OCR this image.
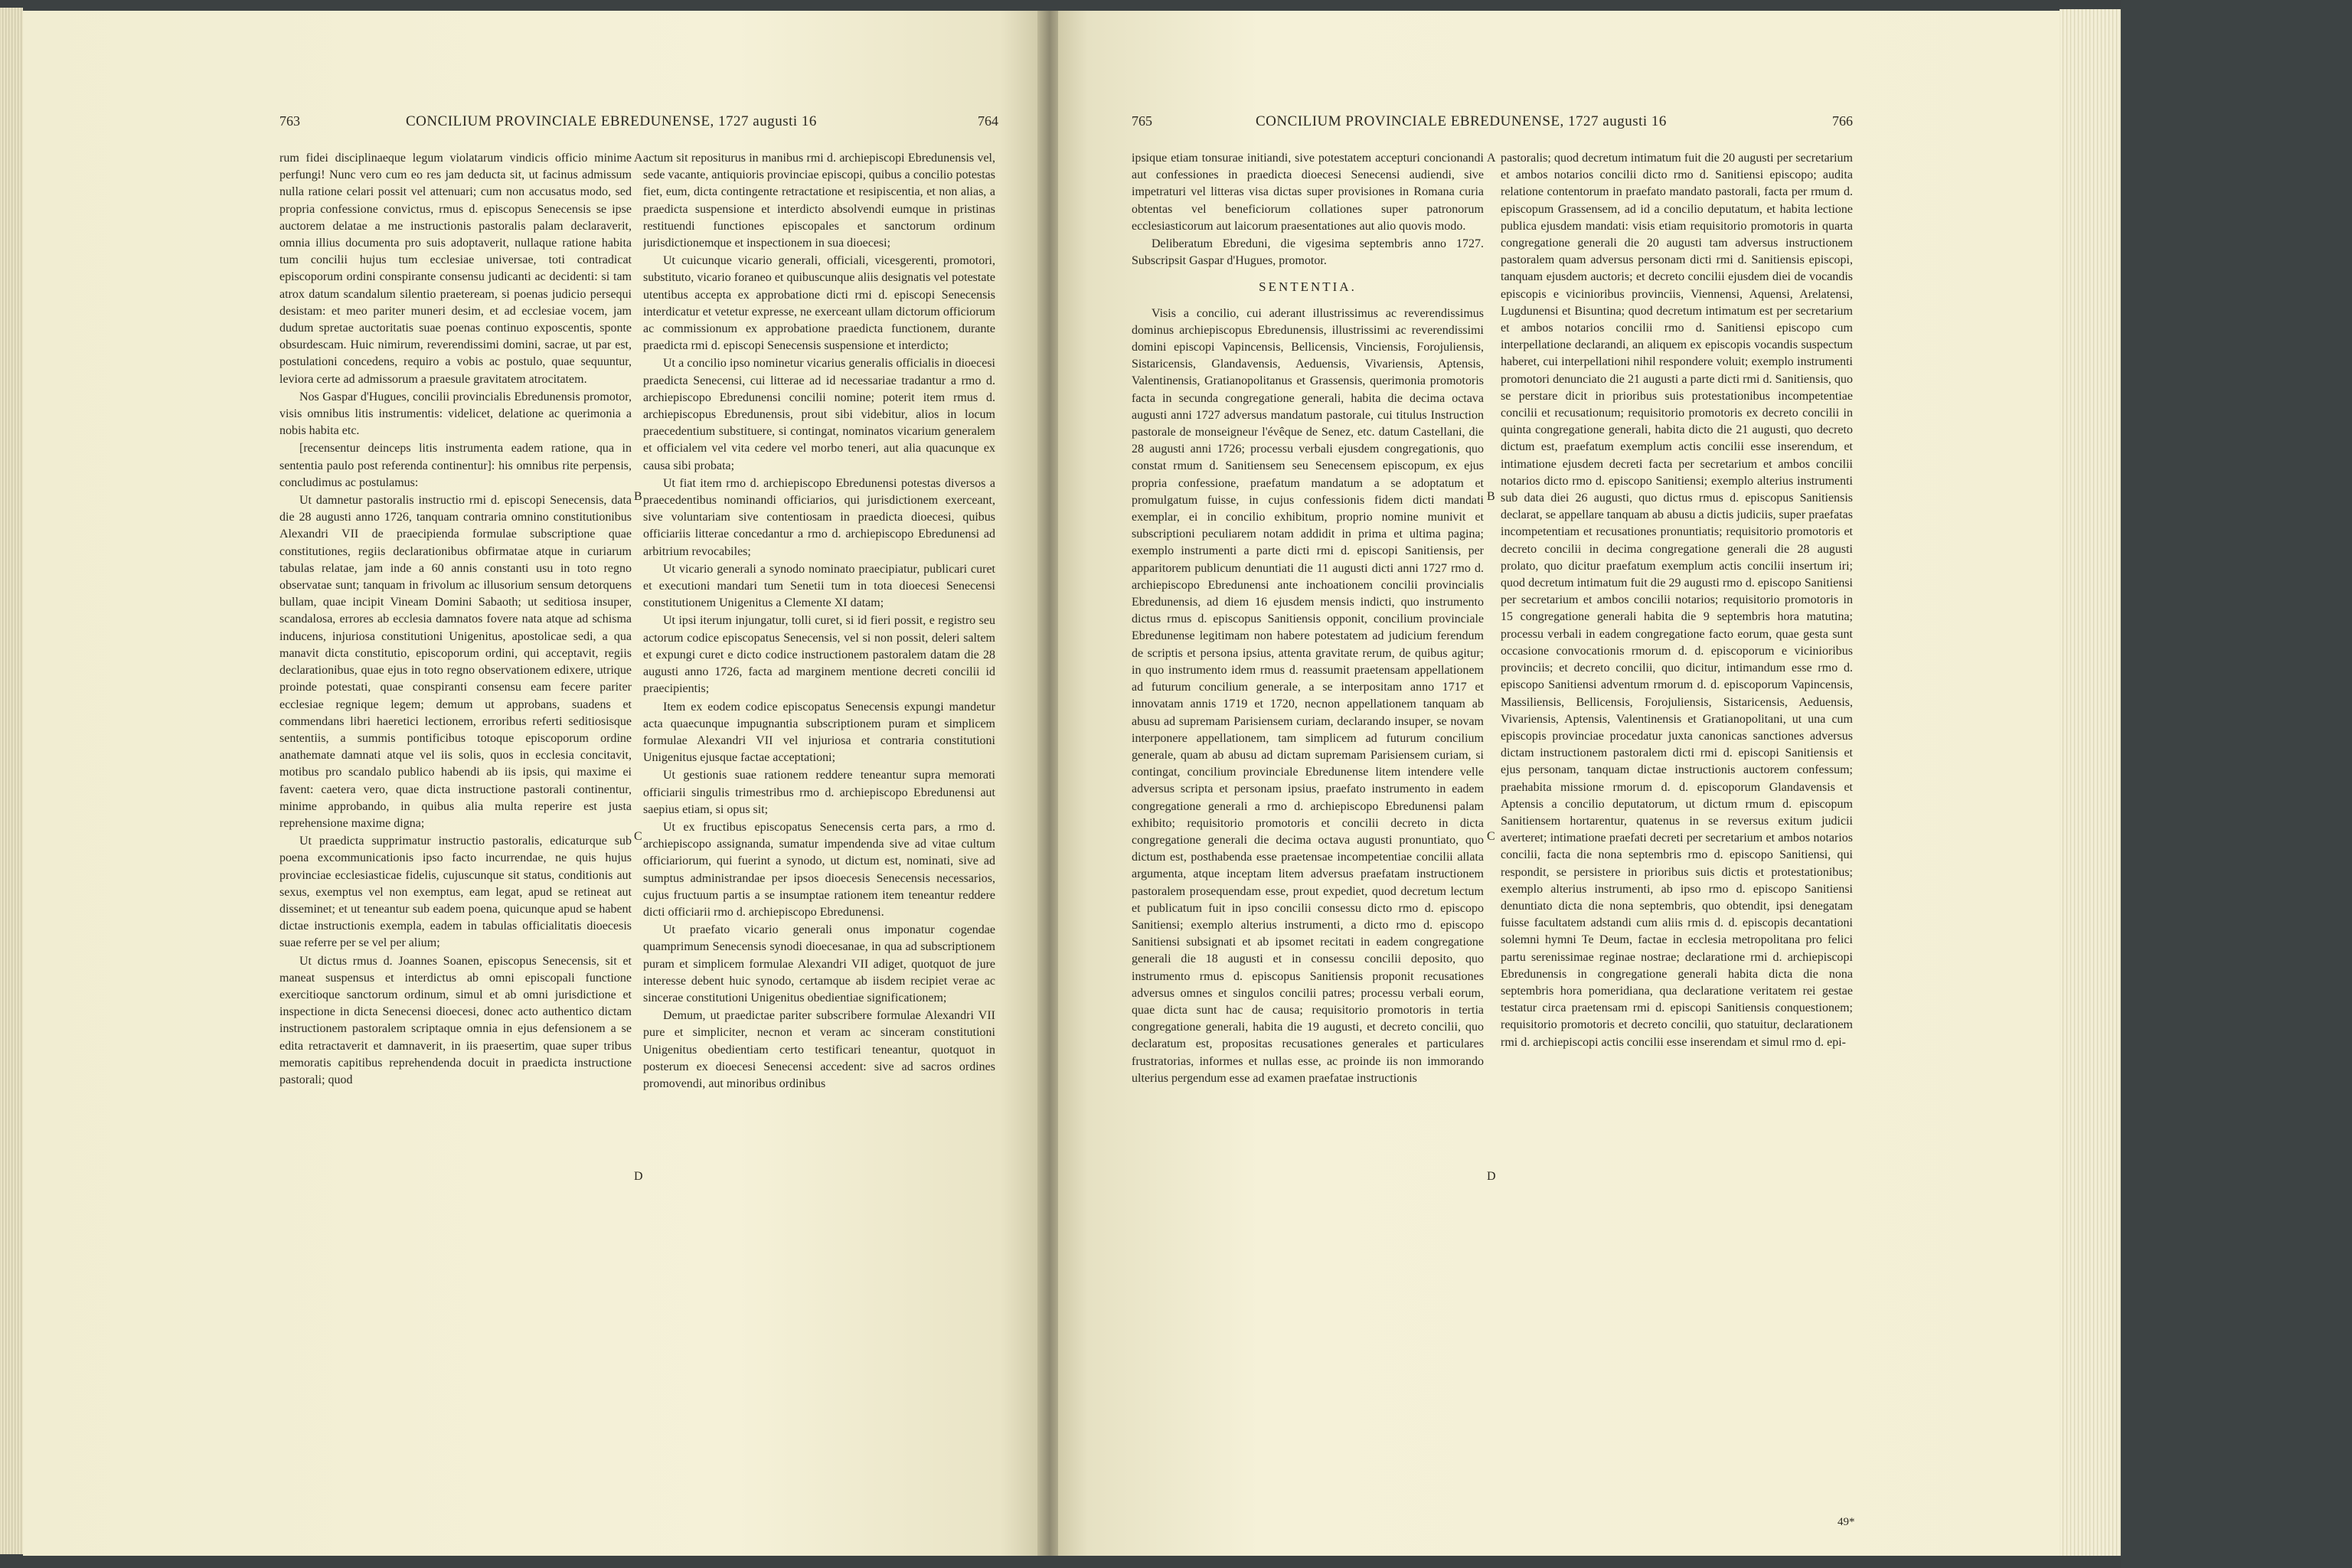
763	CONCILIUM PROVINCIALE EBREDUNENSE, 1727 augusti 16	764

rum fidei disciplinaeque legum violatarum vindicis officio minime perfungi! Nunc vero cum eo res jam deducta sit, ut facinus admissum nulla ratione celari possit vel attenuari; cum non accusatus modo, sed propria confessione convictus, rmus d. episcopus Senecensis se ipse auctorem delatae a me instructionis pastoralis palam declaraverit, omnia illius documenta pro suis adoptaverit, nullaque ratione habita tum concilii hujus tum ecclesiae universae, toti contradicat episcoporum ordini conspirante consensu judicanti ac decidenti: si tam atrox datum scandalum silentio praeteream, si poenas judicio persequi desistam: et meo pariter muneri desim, et ad ecclesiae vocem, jam dudum spretae auctoritatis suae poenas continuo exposcentis, sponte obsurdescam. Huic nimirum, reverendissimi domini, sacrae, ut par est, postulationi concedens, requiro a vobis ac postulo, quae sequuntur, leviora certe ad admissorum a praesule gravitatem atrocitatem.

Nos Gaspar d'Hugues, concilii provincialis Ebredunensis promotor, visis omnibus litis instrumentis: videlicet, delatione ac querimonia a nobis habita etc.

[recensentur deinceps litis instrumenta eadem ratione, qua in sententia paulo post referenda continentur]: his omnibus rite perpensis, concludimus ac postulamus:

Ut damnetur pastoralis instructio rmi d. episcopi Senecensis, data die 28 augusti anno 1726, tanquam contraria omnino constitutionibus Alexandri VII de praecipienda formulae subscriptione quae constitutiones, regiis declarationibus obfirmatae atque in curiarum tabulas relatae, jam inde a 60 annis constanti usu in toto regno observatae sunt; tanquam in frivolum ac illusorium sensum detorquens bullam, quae incipit Vineam Domini Sabaoth; ut seditiosa insuper, scandalosa, errores ab ecclesia damnatos fovere nata atque ad schisma inducens, injuriosa constitutioni Unigenitus, apostolicae sedi, a qua manavit dicta constitutio, episcoporum ordini, qui acceptavit, regiis declarationibus, quae ejus in toto regno observationem edixere, utrique proinde potestati, quae conspiranti consensu eam fecere pariter ecclesiae regnique legem; demum ut approbans, suadens et commendans libri haeretici lectionem, erroribus referti seditiosisque sententiis, a summis pontificibus totoque episcoporum ordine anathemate damnati atque vel iis solis, quos in ecclesia concitavit, motibus pro scandalo publico habendi ab iis ipsis, qui maxime ei favent: caetera vero, quae dicta instructione pastorali continentur, minime approbando, in quibus alia multa reperire est justa reprehensione maxime digna;

Ut praedicta supprimatur instructio pastoralis, edicaturque sub poena excommunicationis ipso facto incurrendae, ne quis hujus provinciae ecclesiasticae fidelis, cujuscunque sit status, conditionis aut sexus, exemptus vel non exemptus, eam legat, apud se retineat aut disseminet; et ut teneantur sub eadem poena, quicunque apud se habent dictae instructionis exempla, eadem in tabulas officialitatis dioecesis suae referre per se vel per alium;

Ut dictus rmus d. Joannes Soanen, episcopus Senecensis, sit et maneat suspensus et interdictus ab omni episcopali functione exercitioque sanctorum ordinum, simul et ab omni jurisdictione et inspectione in dicta Senecensi dioecesi, donec acto authentico dictam instructionem pastoralem scriptaque omnia in ejus defensionem a se edita retractaverit et damnaverit, in iis praesertim, quae super tribus memoratis capitibus reprehendenda docuit in praedicta instructione pastorali; quod

actum sit repositurus in manibus rmi d. archiepiscopi Ebredunensis vel, sede vacante, antiquioris provinciae episcopi, quibus a concilio potestas fiet, eum, dicta contingente retractatione et resipiscentia, et non alias, a praedicta suspensione et interdicto absolvendi eumque in pristinas restituendi functiones episcopales et sanctorum ordinum jurisdictionemque et inspectionem in sua dioecesi;

Ut cuicunque vicario generali, officiali, vicesgerenti, promotori, substituto, vicario foraneo et quibuscunque aliis designatis vel potestate utentibus accepta ex approbatione dicti rmi d. episcopi Senecensis interdicatur et vetetur expresse, ne exerceant ullam dictorum officiorum ac commissionum ex approbatione praedicta functionem, durante praedicta rmi d. episcopi Senecensis suspensione et interdicto;

Ut a concilio ipso nominetur vicarius generalis officialis in dioecesi praedicta Senecensi, cui litterae ad id necessariae tradantur a rmo d. archiepiscopo Ebredunensi concilii nomine; poterit item rmus d. archiepiscopus Ebredunensis, prout sibi videbitur, alios in locum praecedentium substituere, si contingat, nominatos vicarium generalem et officialem vel vita cedere vel morbo teneri, aut alia quacunque ex causa sibi probata;

Ut fiat item rmo d. archiepiscopo Ebredunensi potestas diversos a praecedentibus nominandi officiarios, qui jurisdictionem exerceant, sive voluntariam sive contentiosam in praedicta dioecesi, quibus officiariis litterae concedantur a rmo d. archiepiscopo Ebredunensi ad arbitrium revocabiles;

Ut vicario generali a synodo nominato praecipiatur, publicari curet et executioni mandari tum Senetii tum in tota dioecesi Senecensi constitutionem Unigenitus a Clemente XI datam;

Ut ipsi iterum injungatur, tolli curet, si id fieri possit, e registro seu actorum codice episcopatus Senecensis, vel si non possit, deleri saltem et expungi curet e dicto codice instructionem pastoralem datam die 28 augusti anno 1726, facta ad marginem mentione decreti concilii id praecipientis;

Item ex eodem codice episcopatus Senecensis expungi mandetur acta quaecunque impugnantia subscriptionem puram et simplicem formulae Alexandri VII vel injuriosa et contraria constitutioni Unigenitus ejusque factae acceptationi;

Ut gestionis suae rationem reddere teneantur supra memorati officiarii singulis trimestribus rmo d. archiepiscopo Ebredunensi aut saepius etiam, si opus sit;

Ut ex fructibus episcopatus Senecensis certa pars, a rmo d. archiepiscopo assignanda, sumatur impendenda sive ad vitae cultum officiariorum, qui fuerint a synodo, ut dictum est, nominati, sive ad sumptus administrandae per ipsos dioecesis Senecensis necessarios, cujus fructuum partis a se insumptae rationem item teneantur reddere dicti officiarii rmo d. archiepiscopo Ebredunensi.

Ut praefato vicario generali onus imponatur cogendae quamprimum Senecensis synodi dioecesanae, in qua ad subscriptionem puram et simplicem formulae Alexandri VII adiget, quotquot de jure interesse debent huic synodo, certamque ab iisdem recipiet verae ac sincerae constitutioni Unigenitus obedientiae significationem;

Demum, ut praedictae pariter subscribere formulae Alexandri VII pure et simpliciter, necnon et veram ac sinceram constitutioni Unigenitus obedientiam certo testificari teneantur, quotquot in posterum ex dioecesi Senecensi accedent: sive ad sacros ordines promovendi, aut minoribus ordinibus

A
B
C
D
765	CONCILIUM PROVINCIALE EBREDUNENSE, 1727 augusti 16	766

ipsique etiam tonsurae initiandi, sive potestatem accepturi concionandi aut confessiones in praedicta dioecesi Senecensi audiendi, sive impetraturi vel litteras visa dictas super provisiones in Romana curia obtentas vel beneficiorum collationes super patronorum ecclesiasticorum aut laicorum praesentationes aut alio quovis modo.

Deliberatum Ebreduni, die vigesima septembris anno 1727. Subscripsit Gaspar d'Hugues, promotor.

SENTENTIA.

Visis a concilio, cui aderant illustrissimus ac reverendissimus dominus archiepiscopus Ebredunensis, illustrissimi ac reverendissimi domini episcopi Vapincensis, Bellicensis, Vinciensis, Forojuliensis, Sistaricensis, Glandavensis, Aeduensis, Vivariensis, Aptensis, Valentinensis, Gratianopolitanus et Grassensis, querimonia promotoris facta in secunda congregatione generali, habita die decima octava augusti anni 1727 adversus mandatum pastorale, cui titulus Instruction pastorale de monseigneur l'évêque de Senez, etc. datum Castellani, die 28 augusti anni 1726; processu verbali ejusdem congregationis, quo constat rmum d. Sanitiensem seu Senecensem episcopum, ex ejus propria confessione, praefatum mandatum a se adoptatum et promulgatum fuisse, in cujus confessionis fidem dicti mandati exemplar, ei in concilio exhibitum, proprio nomine munivit et subscriptioni peculiarem notam addidit in prima et ultima pagina; exemplo instrumenti a parte dicti rmi d. episcopi Sanitiensis, per apparitorem publicum denuntiati die 11 augusti dicti anni 1727 rmo d. archiepiscopo Ebredunensi ante inchoationem concilii provincialis Ebredunensis, ad diem 16 ejusdem mensis indicti, quo instrumento dictus rmus d. episcopus Sanitiensis opponit, concilium provinciale Ebredunense legitimam non habere potestatem ad judicium ferendum de scriptis et persona ipsius, attenta gravitate rerum, de quibus agitur; in quo instrumento idem rmus d. reassumit praetensam appellationem ad futurum concilium generale, a se interpositam anno 1717 et innovatam annis 1719 et 1720, necnon appellationem tanquam ab abusu ad supremam Parisiensem curiam, declarando insuper, se novam interponere appellationem, tam simplicem ad futurum concilium generale, quam ab abusu ad dictam supremam Parisiensem curiam, si contingat, concilium provinciale Ebredunense litem intendere velle adversus scripta et personam ipsius, praefato instrumento in eadem congregatione generali a rmo d. archiepiscopo Ebredunensi palam exhibito; requisitorio promotoris et concilii decreto in dicta congregatione generali die decima octava augusti pronuntiato, quo dictum est, posthabenda esse praetensae incompetentiae concilii allata argumenta, atque inceptam litem adversus praefatam instructionem pastoralem prosequendam esse, prout expediet, quod decretum lectum et publicatum fuit in ipso concilii consessu dicto rmo d. episcopo Sanitiensi; exemplo alterius instrumenti, a dicto rmo d. episcopo Sanitiensi subsignati et ab ipsomet recitati in eadem congregatione generali die 18 augusti et in consessu concilii deposito, quo instrumento rmus d. episcopus Sanitiensis proponit recusationes adversus omnes et singulos concilii patres; processu verbali eorum, quae dicta sunt hac de causa; requisitorio promotoris in tertia congregatione generali, habita die 19 augusti, et decreto concilii, quo declaratum est, propositas recusationes generales et particulares frustratorias, informes et nullas esse, ac proinde iis non immorando ulterius pergendum esse ad examen praefatae instructionis

pastoralis; quod decretum intimatum fuit die 20 augusti per secretarium et ambos notarios concilii dicto rmo d. Sanitiensi episcopo; audita relatione contentorum in praefato mandato pastorali, facta per rmum d. episcopum Grassensem, ad id a concilio deputatum, et habita lectione publica ejusdem mandati: visis etiam requisitorio promotoris in quarta congregatione generali die 20 augusti tam adversus instructionem pastoralem quam adversus personam dicti rmi d. Sanitiensis episcopi, tanquam ejusdem auctoris; et decreto concilii ejusdem diei de vocandis episcopis e vicinioribus provinciis, Viennensi, Aquensi, Arelatensi, Lugdunensi et Bisuntina; quod decretum intimatum est per secretarium et ambos notarios concilii rmo d. Sanitiensi episcopo cum interpellatione declarandi, an aliquem ex episcopis vocandis suspectum haberet, cui interpellationi nihil respondere voluit; exemplo instrumenti promotori denunciato die 21 augusti a parte dicti rmi d. Sanitiensis, quo se perstare dicit in prioribus suis protestationibus incompetentiae concilii et recusationum; requisitorio promotoris ex decreto concilii in quinta congregatione generali, habita dicto die 21 augusti, quo decreto dictum est, praefatum exemplum actis concilii esse inserendum, et intimatione ejusdem decreti facta per secretarium et ambos concilii notarios dicto rmo d. episcopo Sanitiensi; exemplo alterius instrumenti sub data diei 26 augusti, quo dictus rmus d. episcopus Sanitiensis declarat, se appellare tanquam ab abusu a dictis judiciis, super praefatas incompetentiam et recusationes pronuntiatis; requisitorio promotoris et decreto concilii in decima congregatione generali die 28 augusti prolato, quo dicitur praefatum exemplum actis concilii insertum iri; quod decretum intimatum fuit die 29 augusti rmo d. episcopo Sanitiensi per secretarium et ambos concilii notarios; requisitorio promotoris in 15 congregatione generali habita die 9 septembris hora matutina; processu verbali in eadem congregatione facto eorum, quae gesta sunt occasione convocationis rmorum d. d. episcoporum e vicinioribus provinciis; et decreto concilii, quo dicitur, intimandum esse rmo d. episcopo Sanitiensi adventum rmorum d. d. episcoporum Vapincensis, Massiliensis, Bellicensis, Forojuliensis, Sistaricensis, Aeduensis, Vivariensis, Aptensis, Valentinensis et Gratianopolitani, ut una cum episcopis provinciae procedatur juxta canonicas sanctiones adversus dictam instructionem pastoralem dicti rmi d. episcopi Sanitiensis et ejus personam, tanquam dictae instructionis auctorem confessum; praehabita missione rmorum d. d. episcoporum Glandavensis et Aptensis a concilio deputatorum, ut dictum rmum d. episcopum Sanitiensem hortarentur, quatenus in se reversus exitum judicii averteret; intimatione praefati decreti per secretarium et ambos notarios concilii, facta die nona septembris rmo d. episcopo Sanitiensi, qui respondit, se persistere in prioribus suis dictis et protestationibus; exemplo alterius instrumenti, ab ipso rmo d. episcopo Sanitiensi denuntiato dicta die nona septembris, quo obtendit, ipsi denegatam fuisse facultatem adstandi cum aliis rmis d. d. episcopis decantationi solemni hymni Te Deum, factae in ecclesia metropolitana pro felici partu serenissimae reginae nostrae; declaratione rmi d. archiepiscopi Ebredunensis in congregatione generali habita dicta die nona septembris hora pomeridiana, qua declaratione veritatem rei gestae testatur circa praetensam rmi d. episcopi Sanitiensis conquestionem; requisitorio promotoris et decreto concilii, quo statuitur, declarationem rmi d. archiepiscopi actis concilii esse inserendam et simul rmo d. epi-

A
B
C
D
49*
